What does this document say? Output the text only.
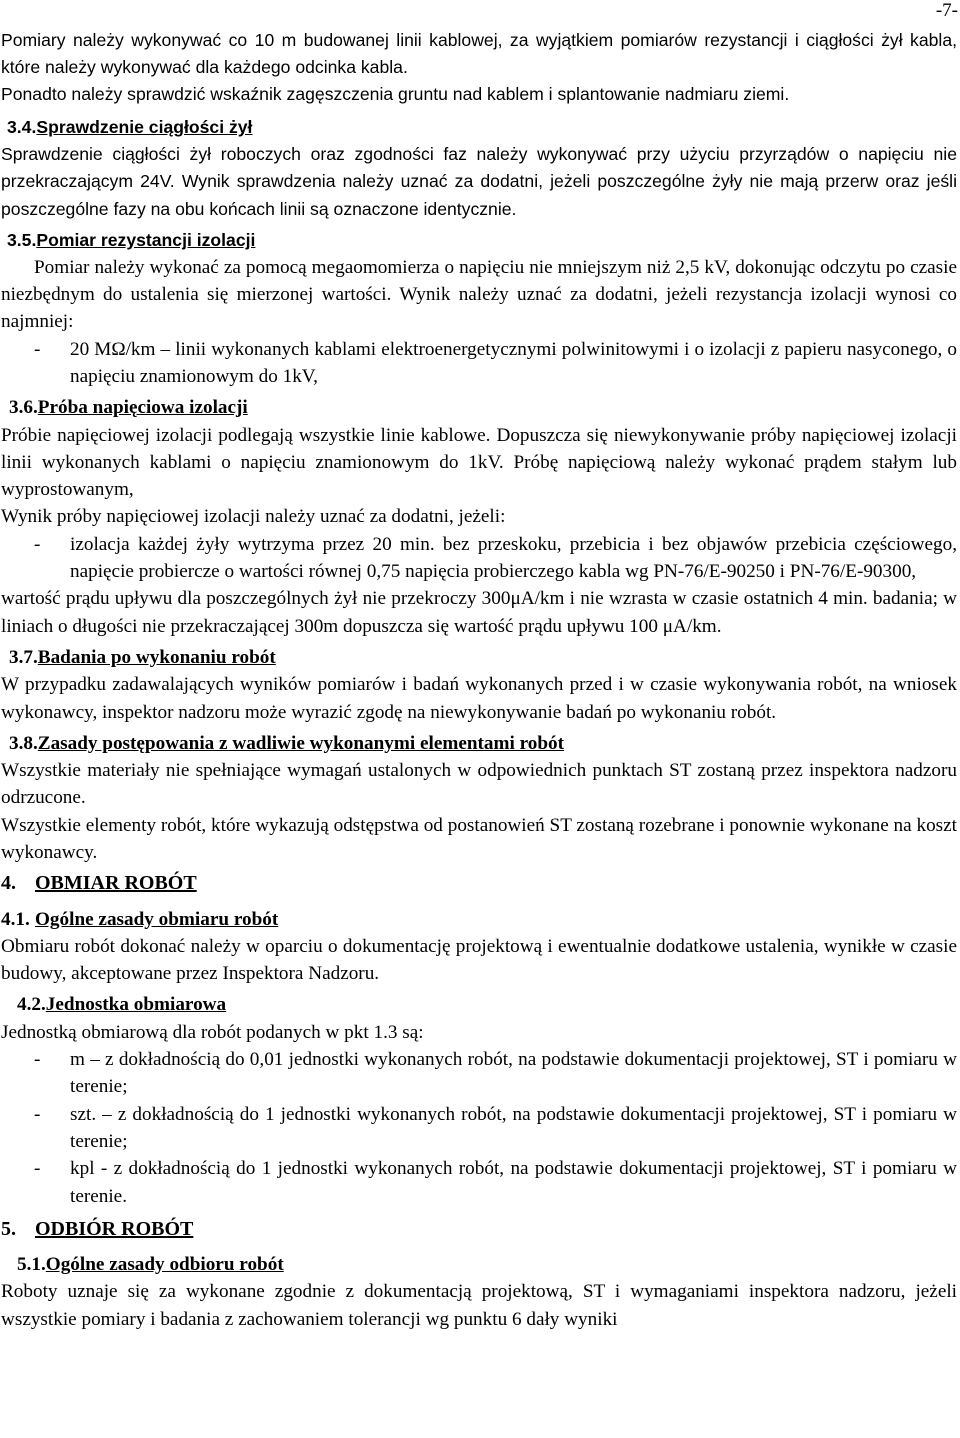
-7-

Pomiary należy wykonywać co 10 m budowanej linii kablowej, za wyjątkiem pomiarów rezystancji i ciągłości żył kabla, które należy wykonywać dla każdego odcinka kabla.

Ponadto należy sprawdzić wskaźnik zagęszczenia gruntu nad kablem i splantowanie nadmiaru ziemi.

3.4.Sprawdzenie ciągłości żył

Sprawdzenie ciągłości żył roboczych oraz zgodności faz należy wykonywać przy użyciu przyrządów o napięciu nie przekraczającym 24V. Wynik sprawdzenia należy uznać za dodatni, jeżeli poszczególne żyły nie mają przerw oraz jeśli poszczególne fazy na obu końcach linii są oznaczone identycznie.

3.5.Pomiar rezystancji izolacji

Pomiar należy wykonać za pomocą megaomomierza o napięciu nie mniejszym niż 2,5 kV, dokonując odczytu po czasie niezbędnym do ustalenia się mierzonej wartości. Wynik należy uznać za dodatni, jeżeli rezystancja izolacji wynosi co najmniej:

- 20 MΩ/km – linii wykonanych kablami elektroenergetycznymi polwinitowymi i o izolacji z papieru nasyconego, o napięciu znamionowym do 1kV,
3.6.Próba napięciowa izolacji

Próbie napięciowej izolacji podlegają wszystkie linie kablowe. Dopuszcza się niewykonywanie próby napięciowej izolacji linii wykonanych kablami o napięciu znamionowym do 1kV. Próbę napięciową należy wykonać prądem stałym lub wyprostowanym,

Wynik próby napięciowej izolacji należy uznać za dodatni, jeżeli:

- izolacja każdej żyły wytrzyma przez 20 min. bez przeskoku, przebicia i bez objawów przebicia częściowego, napięcie probiercze o wartości równej 0,75 napięcia probierczego kabla wg PN-76/E-90250 i PN-76/E-90300,

wartość prądu upływu dla poszczególnych żył nie przekroczy 300μA/km i nie wzrasta w czasie ostatnich 4 min. badania; w liniach o długości nie przekraczającej 300m dopuszcza się wartość prądu upływu 100 μA/km.

3.7.Badania po wykonaniu robót

W przypadku zadawalających wyników pomiarów i badań wykonanych przed i w czasie wykonywania robót, na wniosek wykonawcy, inspektor nadzoru może wyrazić zgodę na niewykonywanie badań po wykonaniu robót.

3.8.Zasady postępowania z wadliwie wykonanymi elementami robót

Wszystkie materiały nie spełniające wymagań ustalonych w odpowiednich punktach ST zostaną przez inspektora nadzoru odrzucone.

Wszystkie elementy robót, które wykazują odstępstwa od postanowień ST zostaną rozebrane i ponownie wykonane na koszt wykonawcy.

4. OBMIAR ROBÓT
4.1. Ogólne zasady obmiaru robót

Obmiaru robót dokonać należy w oparciu o dokumentację projektową i ewentualnie dodatkowe ustalenia, wynikłe w czasie budowy, akceptowane przez Inspektora Nadzoru.

4.2.Jednostka obmiarowa

Jednostką obmiarową dla robót podanych w pkt 1.3 są:

- m – z dokładnością do 0,01 jednostki wykonanych robót, na podstawie dokumentacji projektowej, ST i pomiaru w terenie;
- szt. – z dokładnością do 1 jednostki wykonanych robót, na podstawie dokumentacji projektowej, ST i pomiaru w terenie;
- kpl - z dokładnością do 1 jednostki wykonanych robót, na podstawie dokumentacji projektowej, ST i pomiaru w terenie.
5. ODBIÓR ROBÓT
5.1.Ogólne zasady odbioru robót

Roboty uznaje się za wykonane zgodnie z dokumentacją projektową, ST i wymaganiami inspektora nadzoru, jeżeli wszystkie pomiary i badania z zachowaniem tolerancji wg punktu 6 dały wyniki
